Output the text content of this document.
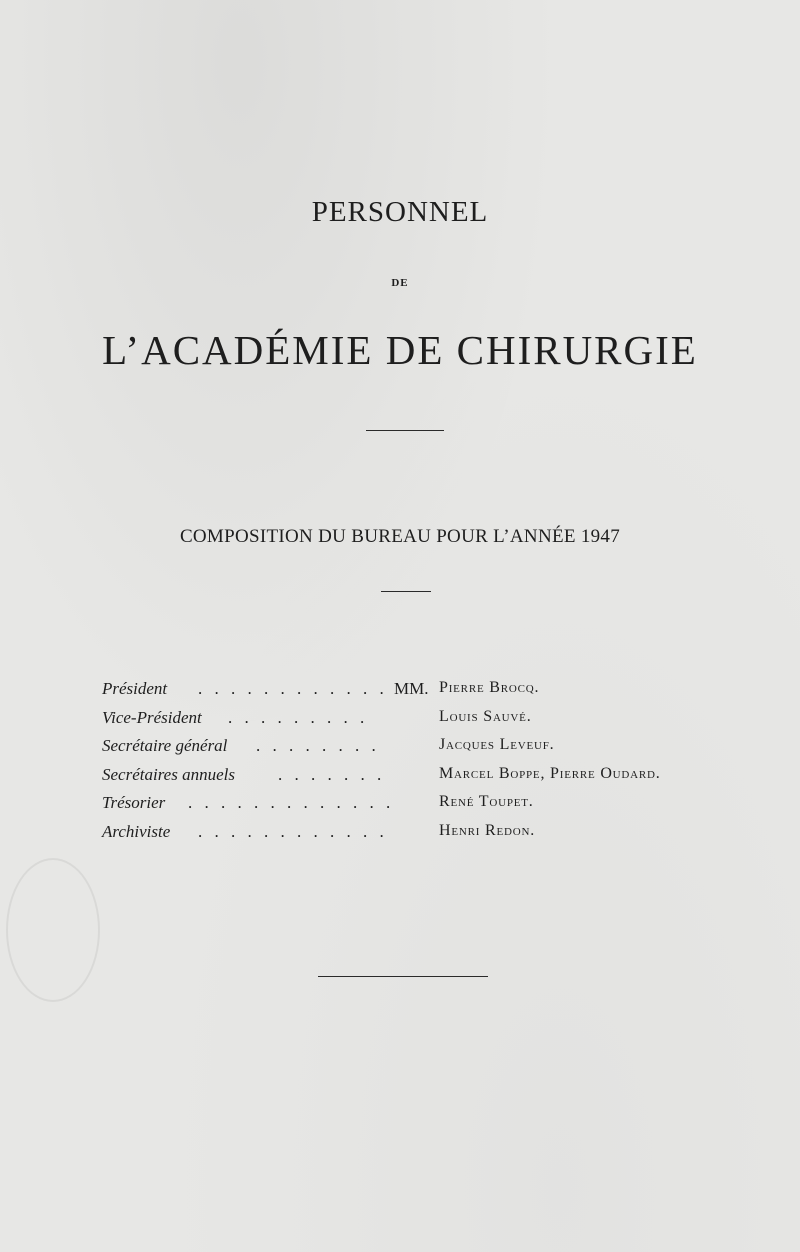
PERSONNEL
DE
L’ACADÉMIE DE CHIRURGIE
COMPOSITION DU BUREAU POUR L’ANNÉE 1947
Président . . . . . . . . . . . . MM. Pierre Brocq.
Vice-Président . . . . . . . . .	Louis Sauvé.
Secrétaire général . . . . . . . .	Jacques Leveuf.
Secrétaires annuels	. . . . . . .	Marcel Boppe, Pierre Oudard.
Trésorier . . . . . . . . . . . . .	René Toupet.
Archiviste . . . . . . . . . . . .	Henri Redon.
